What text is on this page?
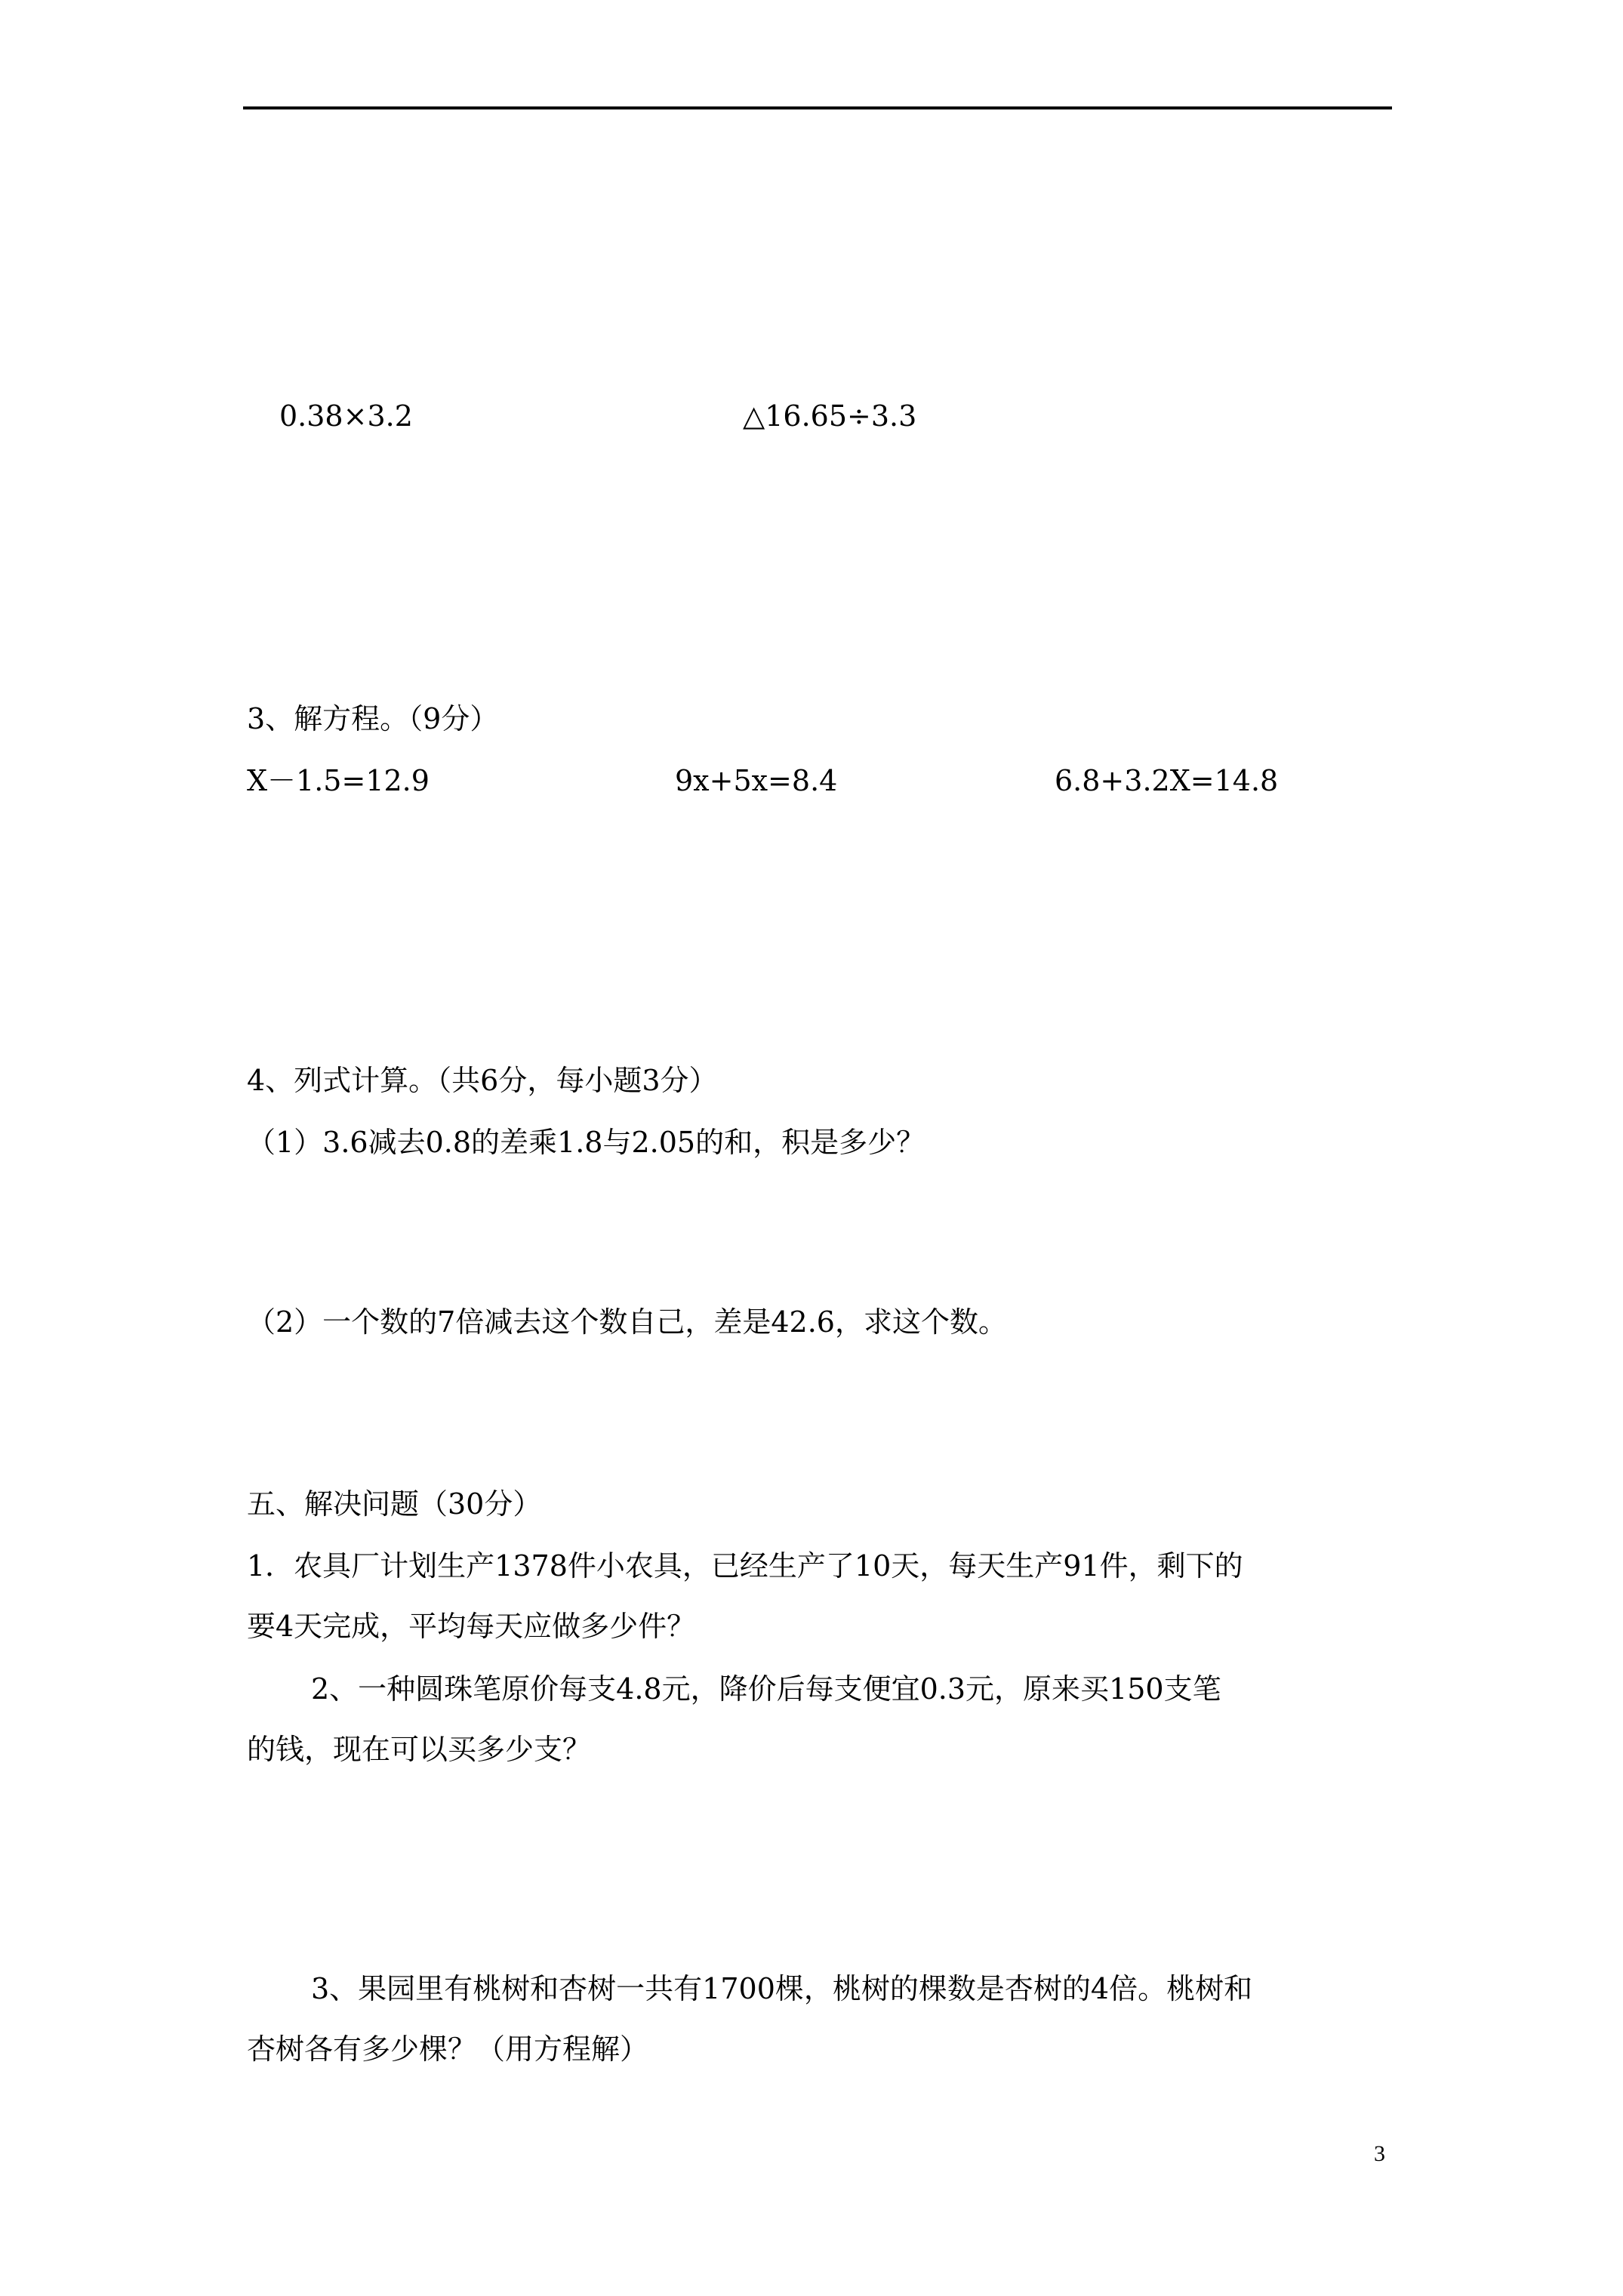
0.38×3.2	△16.65÷3.3

3、解方程。（9分）

X－1.5=12.9	9x+5x=8.4	6.8+3.2X=14.8

4、列式计算。（共6分，每小题3分）

（1）3.6减去0.8的差乘1.8与2.05的和，积是多少？

（2）一个数的7倍减去这个数自己，差是42.6，求这个数。

五、解决问题（30分）

1．农具厂计划生产1378件小农具，已经生产了10天，每天生产91件，剩下的

要4天完成，平均每天应做多少件？

2、一种圆珠笔原价每支4.8元，降价后每支便宜0.3元，原来买150支笔

的钱，现在可以买多少支？

3、果园里有桃树和杏树一共有1700棵，桃树的棵数是杏树的4倍。桃树和

杏树各有多少棵？（用方程解）

3
